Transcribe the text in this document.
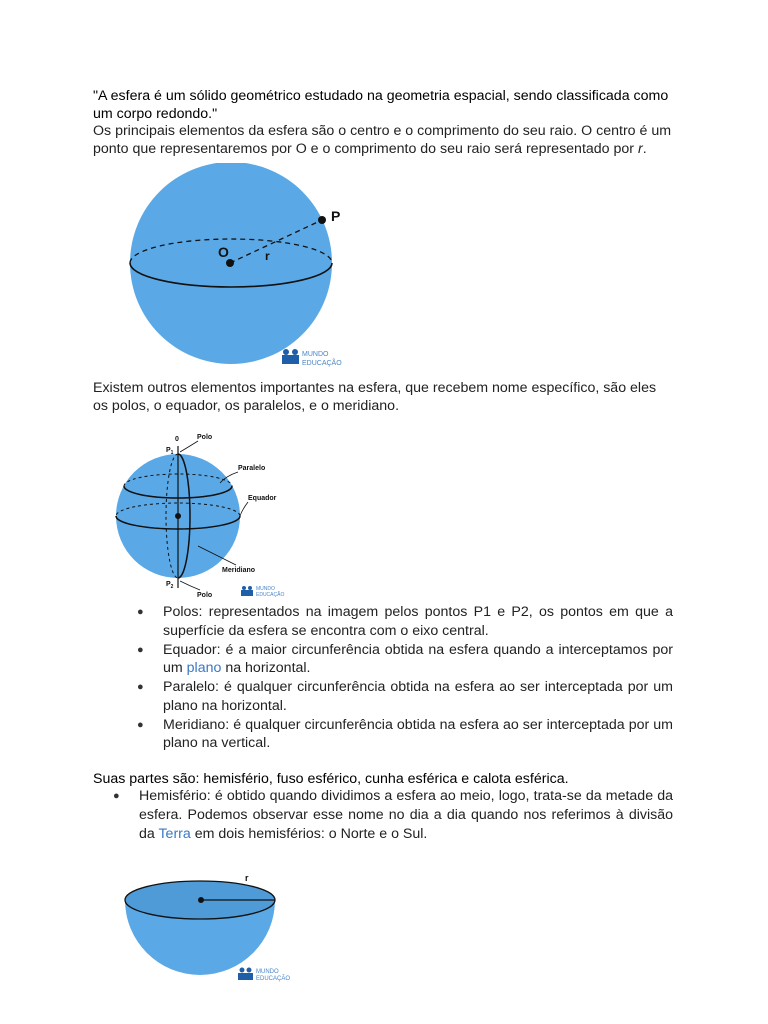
"A esfera é um sólido geométrico estudado na geometria espacial, sendo classificada como um corpo redondo."

Os principais elementos da esfera são o centro e o comprimento do seu raio. O centro é um ponto que representaremos por O e o comprimento do seu raio será representado por r.

O	r
P
MUNDO
EDUCAÇÃO

Existem outros elementos importantes na esfera, que recebem nome específico, são eles os polos, o equador, os paralelos, e o meridiano.

0
$P_1$
$P_2$
Polo
Paralelo
Equador
Meridiano
Polo
MUNDO
EDUCAÇÃO
● Polos: representados na imagem pelos pontos P1 e P2, os pontos em que a superfície da esfera se encontra com o eixo central.
● Equador: é a maior circunferência obtida na esfera quando a interceptamos por um plano na horizontal.
● Paralelo: é qualquer circunferência obtida na esfera ao ser interceptada por um plano na horizontal.
● Meridiano: é qualquer circunferência obtida na esfera ao ser interceptada por um plano na vertical.

Suas partes são: hemisfério, fuso esférico, cunha esférica e calota esférica.

● Hemisfério: é obtido quando dividimos a esfera ao meio, logo, trata-se da metade da esfera. Podemos observar esse nome no dia a dia quando nos referimos à divisão da Terra em dois hemisférios: o Norte e o Sul.
r
MUNDO
EDUCAÇÃO
